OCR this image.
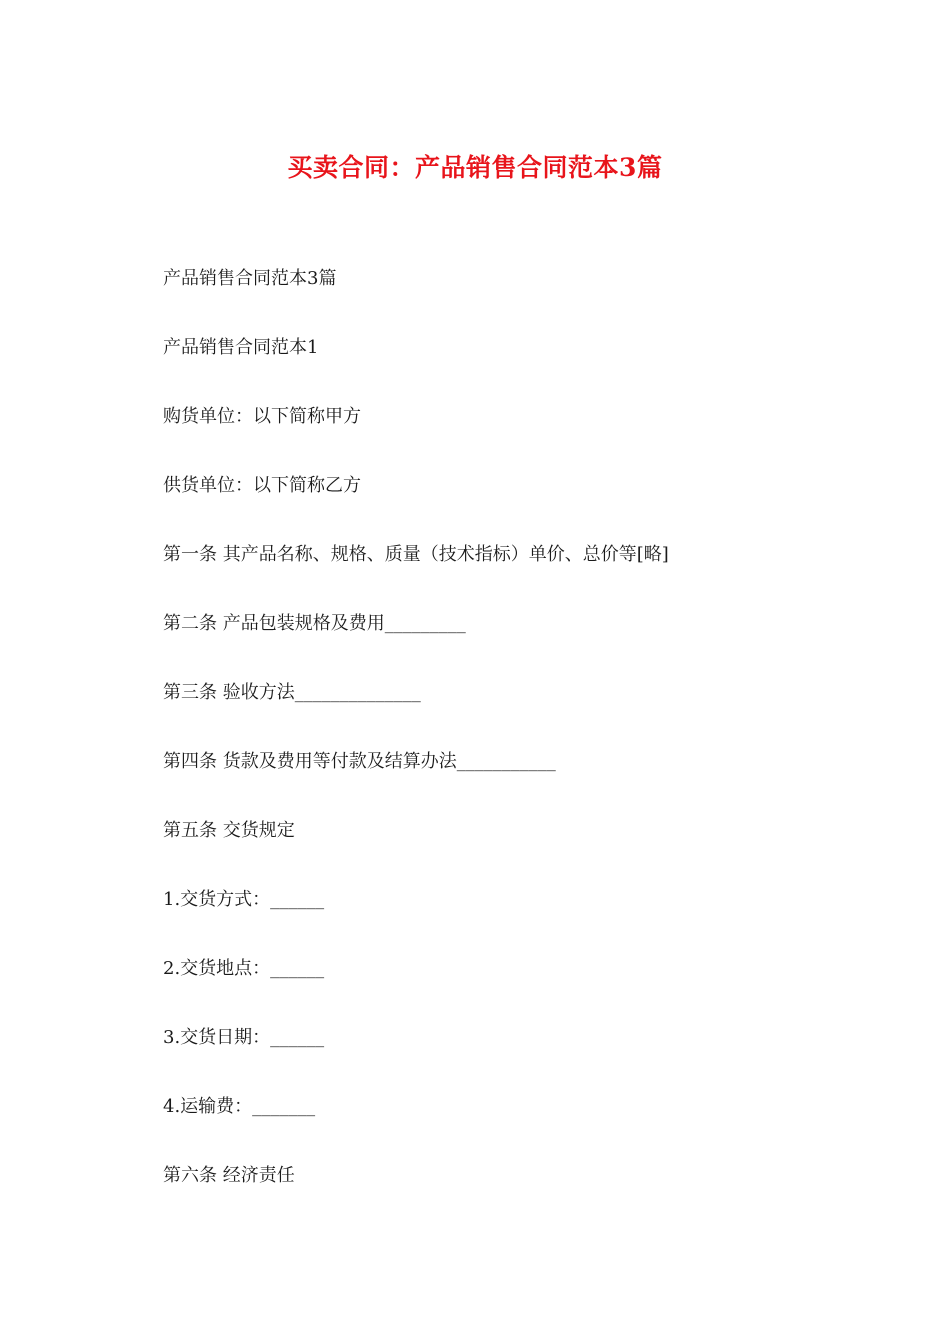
买卖合同：产品销售合同范本3篇

产品销售合同范本3篇

产品销售合同范本1

购货单位：以下简称甲方

供货单位：以下简称乙方

第一条 其产品名称、规格、质量（技术指标）单价、总价等[略]

第二条 产品包装规格及费用_________

第三条 验收方法______________

第四条 货款及费用等付款及结算办法___________

第五条 交货规定

1.交货方式：______

2.交货地点：______

3.交货日期：______

4.运输费：_______

第六条 经济责任
